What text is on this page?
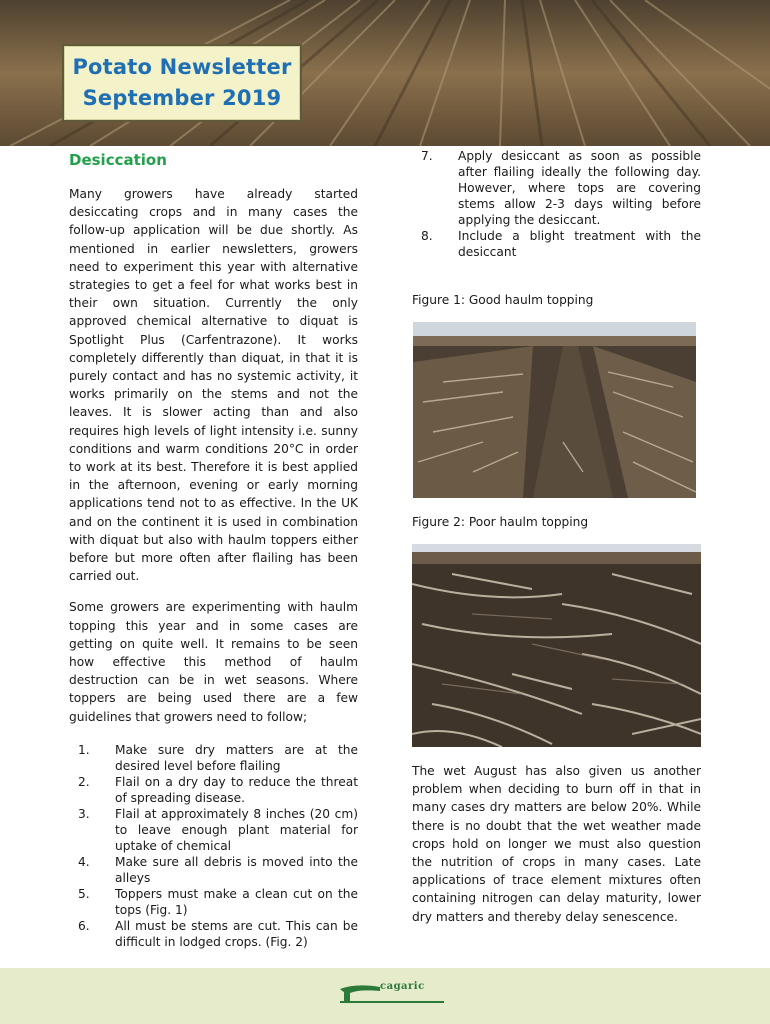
Potato Newsletter
September 2019
Desiccation

Many growers have already started desiccating crops and in many cases the follow-up application will be due shortly. As mentioned in earlier newsletters, growers need to experiment this year with alternative strategies to get a feel for what works best in their own situation. Currently the only approved chemical alternative to diquat is Spotlight Plus (Carfentrazone). It works completely differently than diquat, in that it is purely contact and has no systemic activity, it works primarily on the stems and not the leaves. It is slower acting than and also requires high levels of light intensity i.e. sunny conditions and warm conditions 20°C in order to work at its best. Therefore it is best applied in the afternoon, evening or early morning applications tend not to as effective. In the UK and on the continent it is used in combination with diquat but also with haulm toppers either before but more often after flailing has been carried out.

Some growers are experimenting with haulm topping this year and in some cases are getting on quite well. It remains to be seen how effective this method of haulm destruction can be in wet seasons. Where toppers are being used there are a few guidelines that growers need to follow;

1. Make sure dry matters are at the desired level before flailing
2. Flail on a dry day to reduce the threat of spreading disease.
3. Flail at approximately 8 inches (20 cm) to leave enough plant material for uptake of chemical
4. Make sure all debris is moved into the alleys
5. Toppers must make a clean cut on the tops (Fig. 1)
6. All must be stems are cut. This can be difficult in lodged crops. (Fig. 2)
7. Apply desiccant as soon as possible after flailing ideally the following day. However, where tops are covering stems allow 2-3 days wilting before applying the desiccant.
8. Include a blight treatment with the desiccant
Figure 1: Good haulm topping
Figure 2: Poor haulm topping

The wet August has also given us another problem when deciding to burn off in that in many cases dry matters are below 20%. While there is no doubt that the wet weather made crops hold on longer we must also question the nutrition of crops in many cases. Late applications of trace element mixtures often containing nitrogen can delay maturity, lower dry matters and thereby delay senescence.

cagaric
